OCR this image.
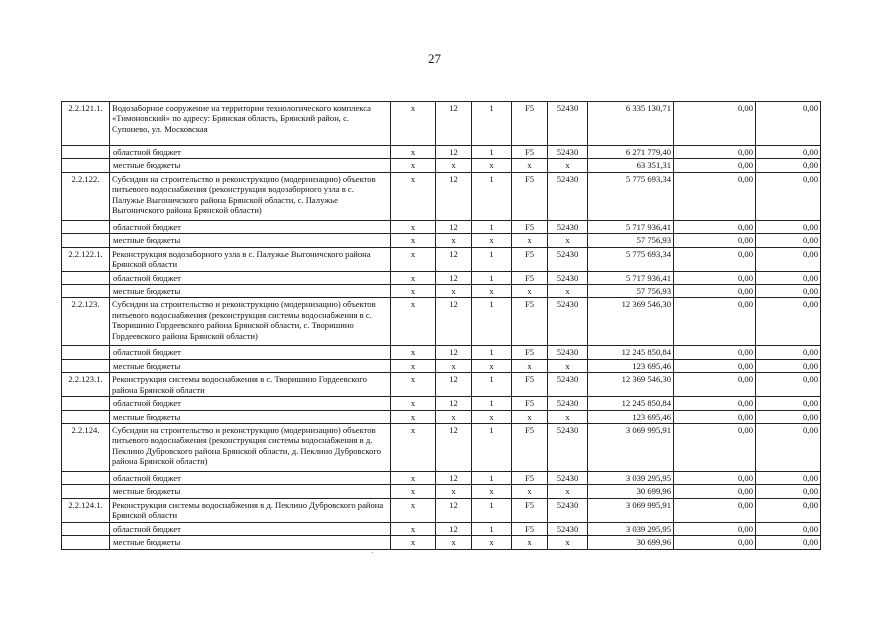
27
2.2.121.1.	Водозаборное сооружение на территории технологического комплекса «Тимоновский» по адресу: Брянская область, Брянский район, с. Супонево, ул. Московская	x	12	1	F5	52430	6 335 130,71	0,00	0,00
	областной бюджет	x	12	1	F5	52430	6 271 779,40	0,00	0,00
	местные бюджеты	x	x	x	x	x	63 351,31	0,00	0,00
2.2.122.	Субсидии на строительство и реконструкцию (модернизацию) объектов питьевого водоснабжения (реконструкция водозаборного узла в с. Палужье Выгоничского района Брянской области, с. Палужье Выгоничского района Брянской области)	x	12	1	F5	52430	5 775 693,34	0,00	0,00
	областной бюджет	x	12	1	F5	52430	5 717 936,41	0,00	0,00
	местные бюджеты	x	x	x	x	x	57 756,93	0,00	0,00
2.2.122.1.	Реконструкция водозаборного узла в с. Палужье Выгоничского района Брянской области	x	12	1	F5	52430	5 775 693,34	0,00	0,00
	областной бюджет	x	12	1	F5	52430	5 717 936,41	0,00	0,00
	местные бюджеты	x	x	x	x	x	57 756,93	0,00	0,00
2.2.123.	Субсидии на строительство и реконструкцию (модернизацию) объектов питьевого водоснабжения (реконструкция системы водоснабжения в с. Творишино Гордеевского района Брянской области, с. Творишино Гордеевского района Брянской области)	x	12	1	F5	52430	12 369 546,30	0,00	0,00
	областной бюджет	x	12	1	F5	52430	12 245 850,84	0,00	0,00
	местные бюджеты	x	x	x	x	x	123 695,46	0,00	0,00
2.2.123.1.	Реконструкция системы водоснабжения в с. Творишино Гордеевского района Брянской области	x	12	1	F5	52430	12 369 546,30	0,00	0,00
	областной бюджет	x	12	1	F5	52430	12 245 850,84	0,00	0,00
	местные бюджеты	x	x	x	x	x	123 695,46	0,00	0,00
2.2.124.	Субсидии на строительство и реконструкцию (модернизацию) объектов питьевого водоснабжения (реконструкция системы водоснабжения в д. Пеклино Дубровского района Брянской области, д. Пеклино Дубровского района Брянской области)	x	12	1	F5	52430	3 069 995,91	0,00	0,00
	областной бюджет	x	12	1	F5	52430	3 039 295,95	0,00	0,00
	местные бюджеты	x	x	x	x	x	30 699,96	0,00	0,00
2.2.124.1.	Реконструкция системы водоснабжения в д. Пеклино Дубровского района Брянской области	x	12	1	F5	52430	3 069 995,91	0,00	0,00
	областной бюджет	x	12	1	F5	52430	3 039 295,95	0,00	0,00
	местные бюджеты	x	x	x	x	x	30 699,96	0,00	0,00
